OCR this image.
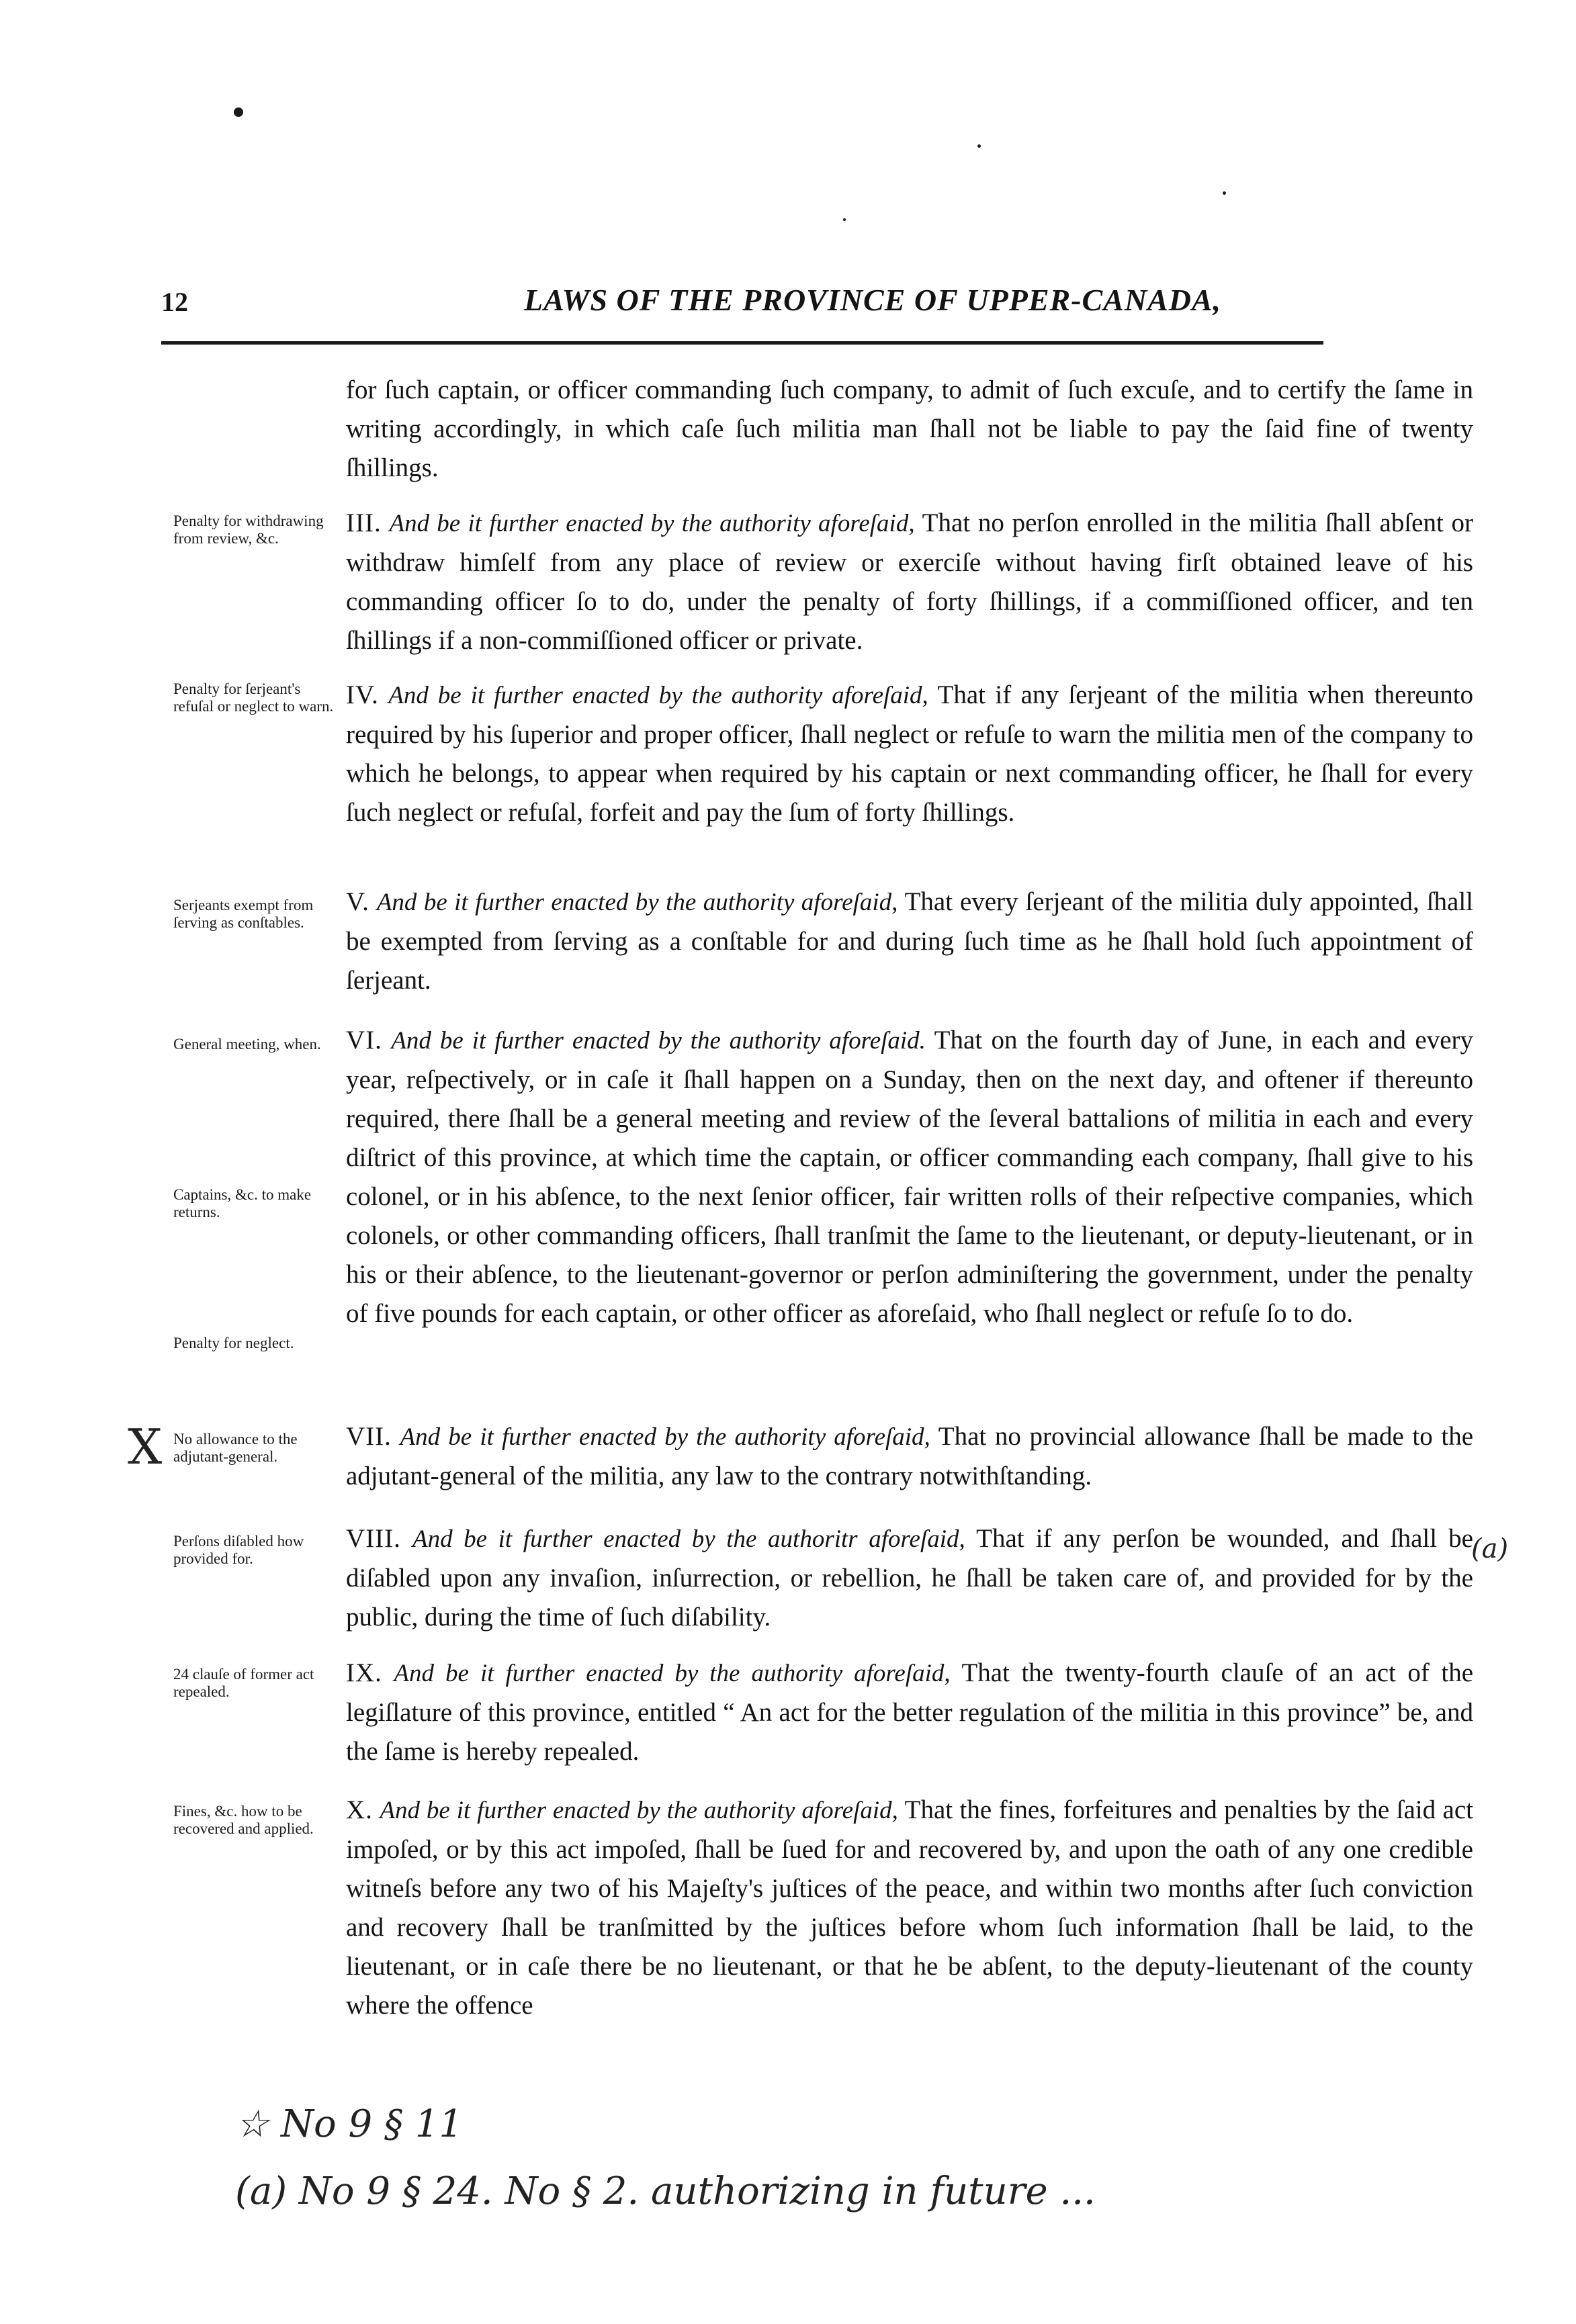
12	LAWS OF THE PROVINCE OF UPPER-CANADA,
for ſuch captain, or officer commanding ſuch company, to admit of ſuch excuſe, and to certify the ſame in writing accordingly, in which caſe ſuch militia man ſhall not be liable to pay the ſaid fine of twenty ſhillings.
Penalty for withdrawing from review, &c.
III. And be it further enacted by the authority aforeſaid, That no perſon enrolled in the militia ſhall abſent or withdraw himſelf from any place of review or exerciſe without having firſt obtained leave of his commanding officer ſo to do, under the penalty of forty ſhillings, if a commiſſioned officer, and ten ſhillings if a non-commiſſioned officer or private.
Penalty for ſerjeant's refuſal or neglect to warn. IV. And be it further enacted by the authority aforeſaid, That if any ſerjeant of the militia when thereunto required by his ſuperior and proper officer, ſhall neglect or refuſe to warn the militia men of the company to which he belongs, to appear when required by his captain or next commanding officer, he ſhall for every ſuch neglect or refuſal, forfeit and pay the ſum of forty ſhillings.
Serjeants exempt from ſerving as conſtables.
V. And be it further enacted by the authority aforeſaid, That every ſerjeant of the militia duly appointed, ſhall be exempted from ſerving as a conſtable for and during ſuch time as he ſhall hold ſuch appointment of ſerjeant.
General meeting, when.
Captains, &c. to make returns.
Penalty for neglect.
VI. And be it further enacted by the authority aforeſaid. That on the fourth day of June, in each and every year, reſpectively, or in caſe it ſhall happen on a Sunday, then on the next day, and oftener if thereunto required, there ſhall be a general meeting and review of the ſeveral battalions of militia in each and every diſtrict of this province, at which time the captain, or officer commanding each company, ſhall give to his colonel, or in his abſence, to the next ſenior officer, fair written rolls of their reſpective companies, which colonels, or other commanding officers, ſhall tranſmit the ſame to the lieutenant, or deputy-lieutenant, or in his or their abſence, to the lieutenant-governor or perſon adminiſtering the government, under the penalty of five pounds for each captain, or other officer as aforeſaid, who ſhall neglect or refuſe ſo to do.
X No allowance to the adjutant-general.
VII. And be it further enacted by the authority aforeſaid, That no provincial allowance ſhall be made to the adjutant-general of the militia, any law to the contrary notwithſtanding.
Perſons diſabled how provided for.
VIII. And be it further enacted by the authoritr aforeſaid, That if any perſon be wounded, and ſhall be diſabled upon any invaſion, inſurrection, or rebellion, he ſhall be taken care of, and provided for by the public, during the time of ſuch diſability.
24 clauſe of former act repealed.
IX. And be it further enacted by the authority aforeſaid, That the twenty-fourth clauſe of an act of the legiſlature of this province, entitled “ An act for the better regulation of the militia in this province” be, and the ſame is hereby repealed.
Fines, &c. how to be recovered and applied.
X. And be it further enacted by the authority aforeſaid, That the fines, forfeitures and penalties by the ſaid act impoſed, or by this act impoſed, ſhall be ſued for and recovered by, and upon the oath of any one credible witneſs before any two of his Majeſty's juſtices of the peace, and within two months after ſuch conviction and recovery ſhall be tranſmitted by the juſtices before whom ſuch information ſhall be laid, to the lieutenant, or in caſe there be no lieutenant, or that he be abſent, to the deputy-lieutenant of the county where the offence
(a)
☆ No 9 § 11
(a) No 9 § 24. No § 2. authorizing in future ...
